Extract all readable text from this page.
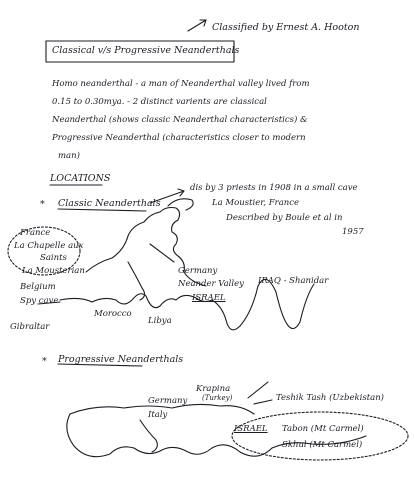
Classified by Ernest A. Hooton
Classical v/s Progressive Neanderthals
Homo neanderthal - a man of Neanderthal valley lived from
0.15 to 0.30mya. - 2 distinct varients are classical
Neanderthal (shows classic Neanderthal characteristics) &
Progressive Neanderthal (characteristics closer to modern
man)
LOCATIONS
* Classic Neanderthals
dis by 3 priests in 1908 in a small cave
La Moustier, France
Described by Boule et al in
1957
France
La Chapelle aux
Saints
La Mousterian
Belgium
Spy cave
Gibraltar
Morocco
Libya
Germany
Neander Valley
ISRAEL
IRAQ - Shanidar
* Progressive Neanderthals
Krapina
(Turkey)
Germany
Italy
Teshik Tash (Uzbekistan)
ISRAEL Tabon (Mt Carmel)
Skhul (Mt Carmel)
